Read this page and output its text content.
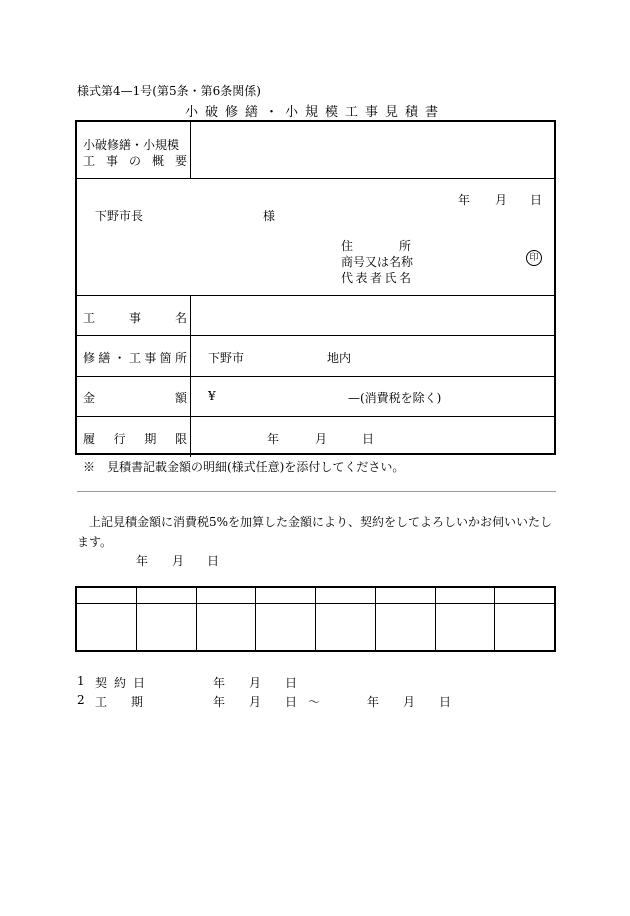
様式第4—1号(第5条・第6条関係)
小破修繕・小規模工事見積書
小破修繕・小規模
工 事 の 概 要
年 月 日
下野市長	様
住	所
商号又は名称
代 表 者 氏 名
印
工	事	名
修 繕 ・ 工 事 箇 所 下野市	地内
金	額 ¥	—(消費税を除く)
履 行 期 限	年	月	日
※　見積書記載金額の明細(様式任意)を添付してください。
上記見積金額に消費税5%を加算した金額により、契約をしてよろしいかお伺いいたします。
年 月 日
1 契約日	年 月 日
2 工　　期	年 月 日 ～	年 月 日
